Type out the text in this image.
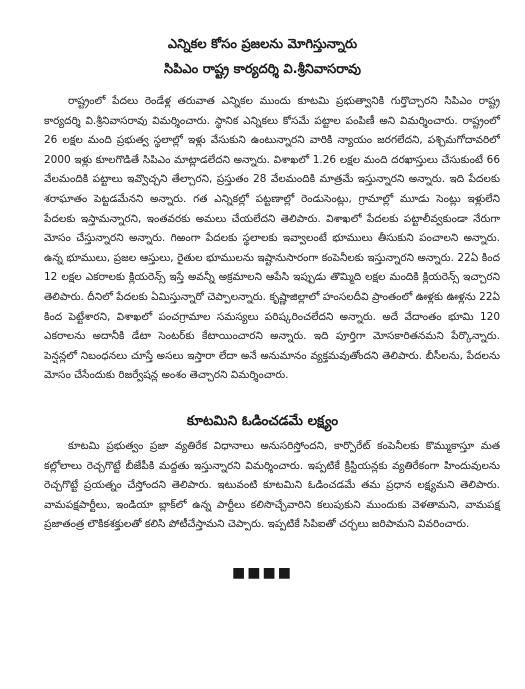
ఎన్నికల కోసం ప్రజలను మోగిస్తున్నారు
సిపిఎం రాష్ట్ర కార్యదర్శి వి.శ్రీనివాసరావు

రాష్ట్రంలో పేదలు రెండేళ్ల తరువాత ఎన్నికల ముందు కూటమి ప్రభుత్వానికి గుర్తొచ్చారని సిపిఎం రాష్ట్ర కార్యదర్శి వి.శ్రీనివాసరావు విమర్శించారు. స్థానిక ఎన్నికలు కోసమే పట్టాల పంపిణీ అని విమర్శించారు. రాష్ట్రంలో 26 లక్షల మంది ప్రభుత్వ స్థలాల్లో ఇళ్లు వేసుకుని ఉంటున్నారని వారికి న్యాయం జరగలేదని, పశ్చిమగోదావరిలో 2000 ఇళ్లు కూలగొడితే సిపిఎం మాట్లాడలేదని అన్నారు. విశాఖలో 1.26 లక్షల మంది దరఖాస్తులు చేసుకుంటే 66 వేలమందికి పట్టాలు ఇవ్వొచ్చని తేల్చారని, ప్రస్తుతం 28 వేలమందికి మాత్రమే ఇస్తున్నారని అన్నారు. ఇది పేదలకు శరాఘాతం పెట్టడమేనని అన్నారు. గత ఎన్నికల్లో పట్టణాల్లో రెండుసెంట్లు, గ్రామాల్లో మూడు సెంట్లు ఇళ్లులేని పేదలకు ఇస్తామన్నారని, ఇంతవరకు అమలు చేయలేదని తెలిపారు. విశాఖలో పేదలకు పట్టాలీవ్వకుండా నేరుగా మోసం చేస్తున్నారని అన్నారు. గిఱంగా పేదలకు స్థలాలకు ఇవ్వాలంటే భూములు తీసుకుని పంచాలని అన్నారు. ఉన్న భూములు, ప్రజల ఆస్తులు, రైతుల భూములను ఇష్టానుసారంగా కంపెనీలకు ఇస్తున్నారని అన్నారు. 22ఏ కింద 12 లక్షల ఎకరాలకు క్లియరెన్స్ ఇస్తే అవన్నీ అక్రమాలని ఆపేసి ఇప్పుడు తొమ్మిది లక్షల మందికి క్లియరెన్స్ ఇచ్చారని తెలిపారు. దీనిలో పేదలకు ఏమిస్తున్నారో చెప్పాలన్నారు. కృష్ణాజిల్లాలో హంసలదీవి ప్రాంతంలో ఊళ్లకు ఊళ్లను 22ఏ కింద పెట్టేశారని, విశాఖలో పంచగ్రామాల సమస్యలు పరిష్కరించలేదని అన్నారు. అదే వేదాంతం భూమి 120 ఎకరాలను అదానీకి డేటా సెంటర్‌కు కేటాయించారని అన్నారు. ఇది పూర్తిగా మోసకారితనమని పేర్కొన్నారు. పెన్షన్లలో నిబంధనలు చూస్తే అసలు ఇస్తారా లేదా అనే అనుమానం వ్యక్తమవుతోందని తెలిపారు. బీసీలను, పేదలను మోసం చేసేందుకు రిజర్వేషన్ల అంశం తెచ్చారని విమర్శించారు.

కూటమిని ఓడించడమే లక్ష్యం

కూటమి ప్రభుత్వం ప్రజా వ్యతిరేక విధానాలు అనుసరిస్తోందని, కార్పొరేట్ కంపెనీలకు కొమ్ముకాస్తూ మత కల్లోలాలు రెచ్చగొట్టే బీజేపీకి మద్దతు ఇస్తున్నారని విమర్శించారు. ఇప్పటికే క్రిస్టియన్లకు వ్యతిరేకంగా హిందువులను రెచ్చగొట్టే ప్రయత్నం చేస్తోందని తెలిపారు. ఇటువంటి కూటమిని ఓడించడమే తమ ప్రధాన లక్ష్యమని తెలిపారు. వామపక్షపార్టీలు, ఇండియా బ్లాక్‌లో ఉన్న పార్టీలు కలిసొచ్చేవారిని కలుపుకుని ముందుకు వెళతామని, వామపక్ష ప్రజాతంత్ర లౌకికశక్తులతో కలిసి పోటీచేస్తామని చెప్పారు. ఇప్పటికే సిపిఐతో చర్చలు జరిపామని వివరించారు.

■■■■
